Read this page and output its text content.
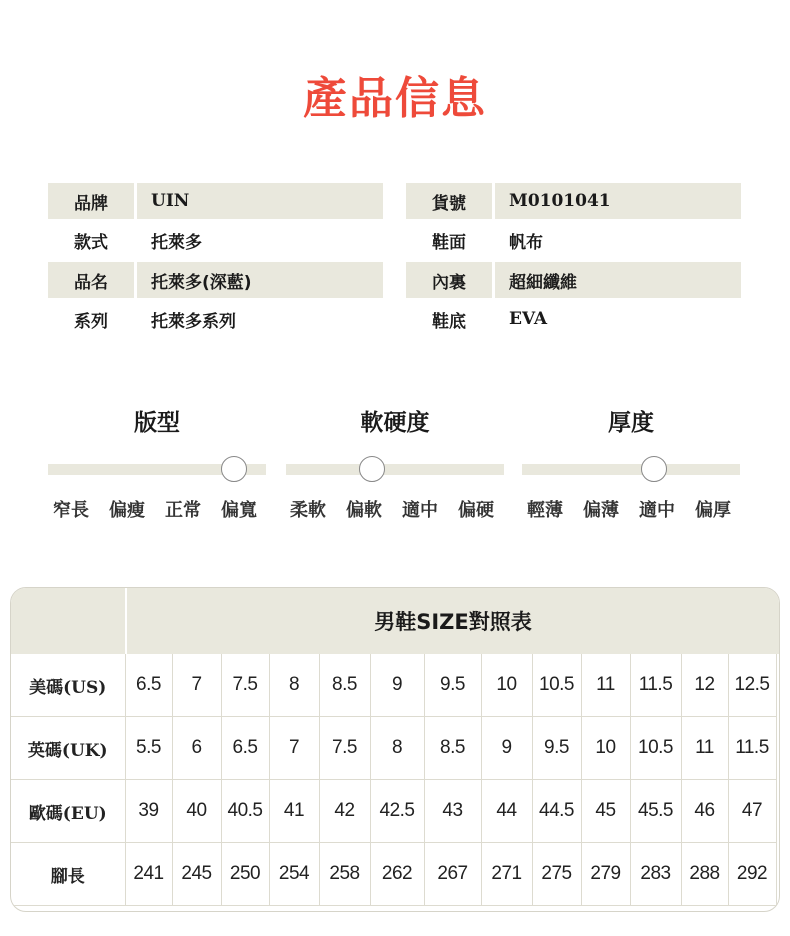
產品信息
品牌	UIN
款式	托萊多
品名	托萊多(深藍)
系列	托萊多系列
貨號	M0101041
鞋面	帆布
內裏	超細纖維
鞋底	EVA
版型	軟硬度	厚度
窄長	偏瘦	正常	偏寬	柔軟	偏軟	適中	偏硬	輕薄	偏薄	適中	偏厚
男鞋SIZE對照表
美碼(US)	6.5	7	7.5	8	8.5	9	9.5	10	10.5	11	11.5	12	12.5
英碼(UK)	5.5	6	6.5	7	7.5	8	8.5	9	9.5	10	10.5	11	11.5
歐碼(EU)	39	40	40.5	41	42	42.5	43	44	44.5	45	45.5	46	47
腳長	241	245	250	254	258	262	267	271	275	279	283	288	292
